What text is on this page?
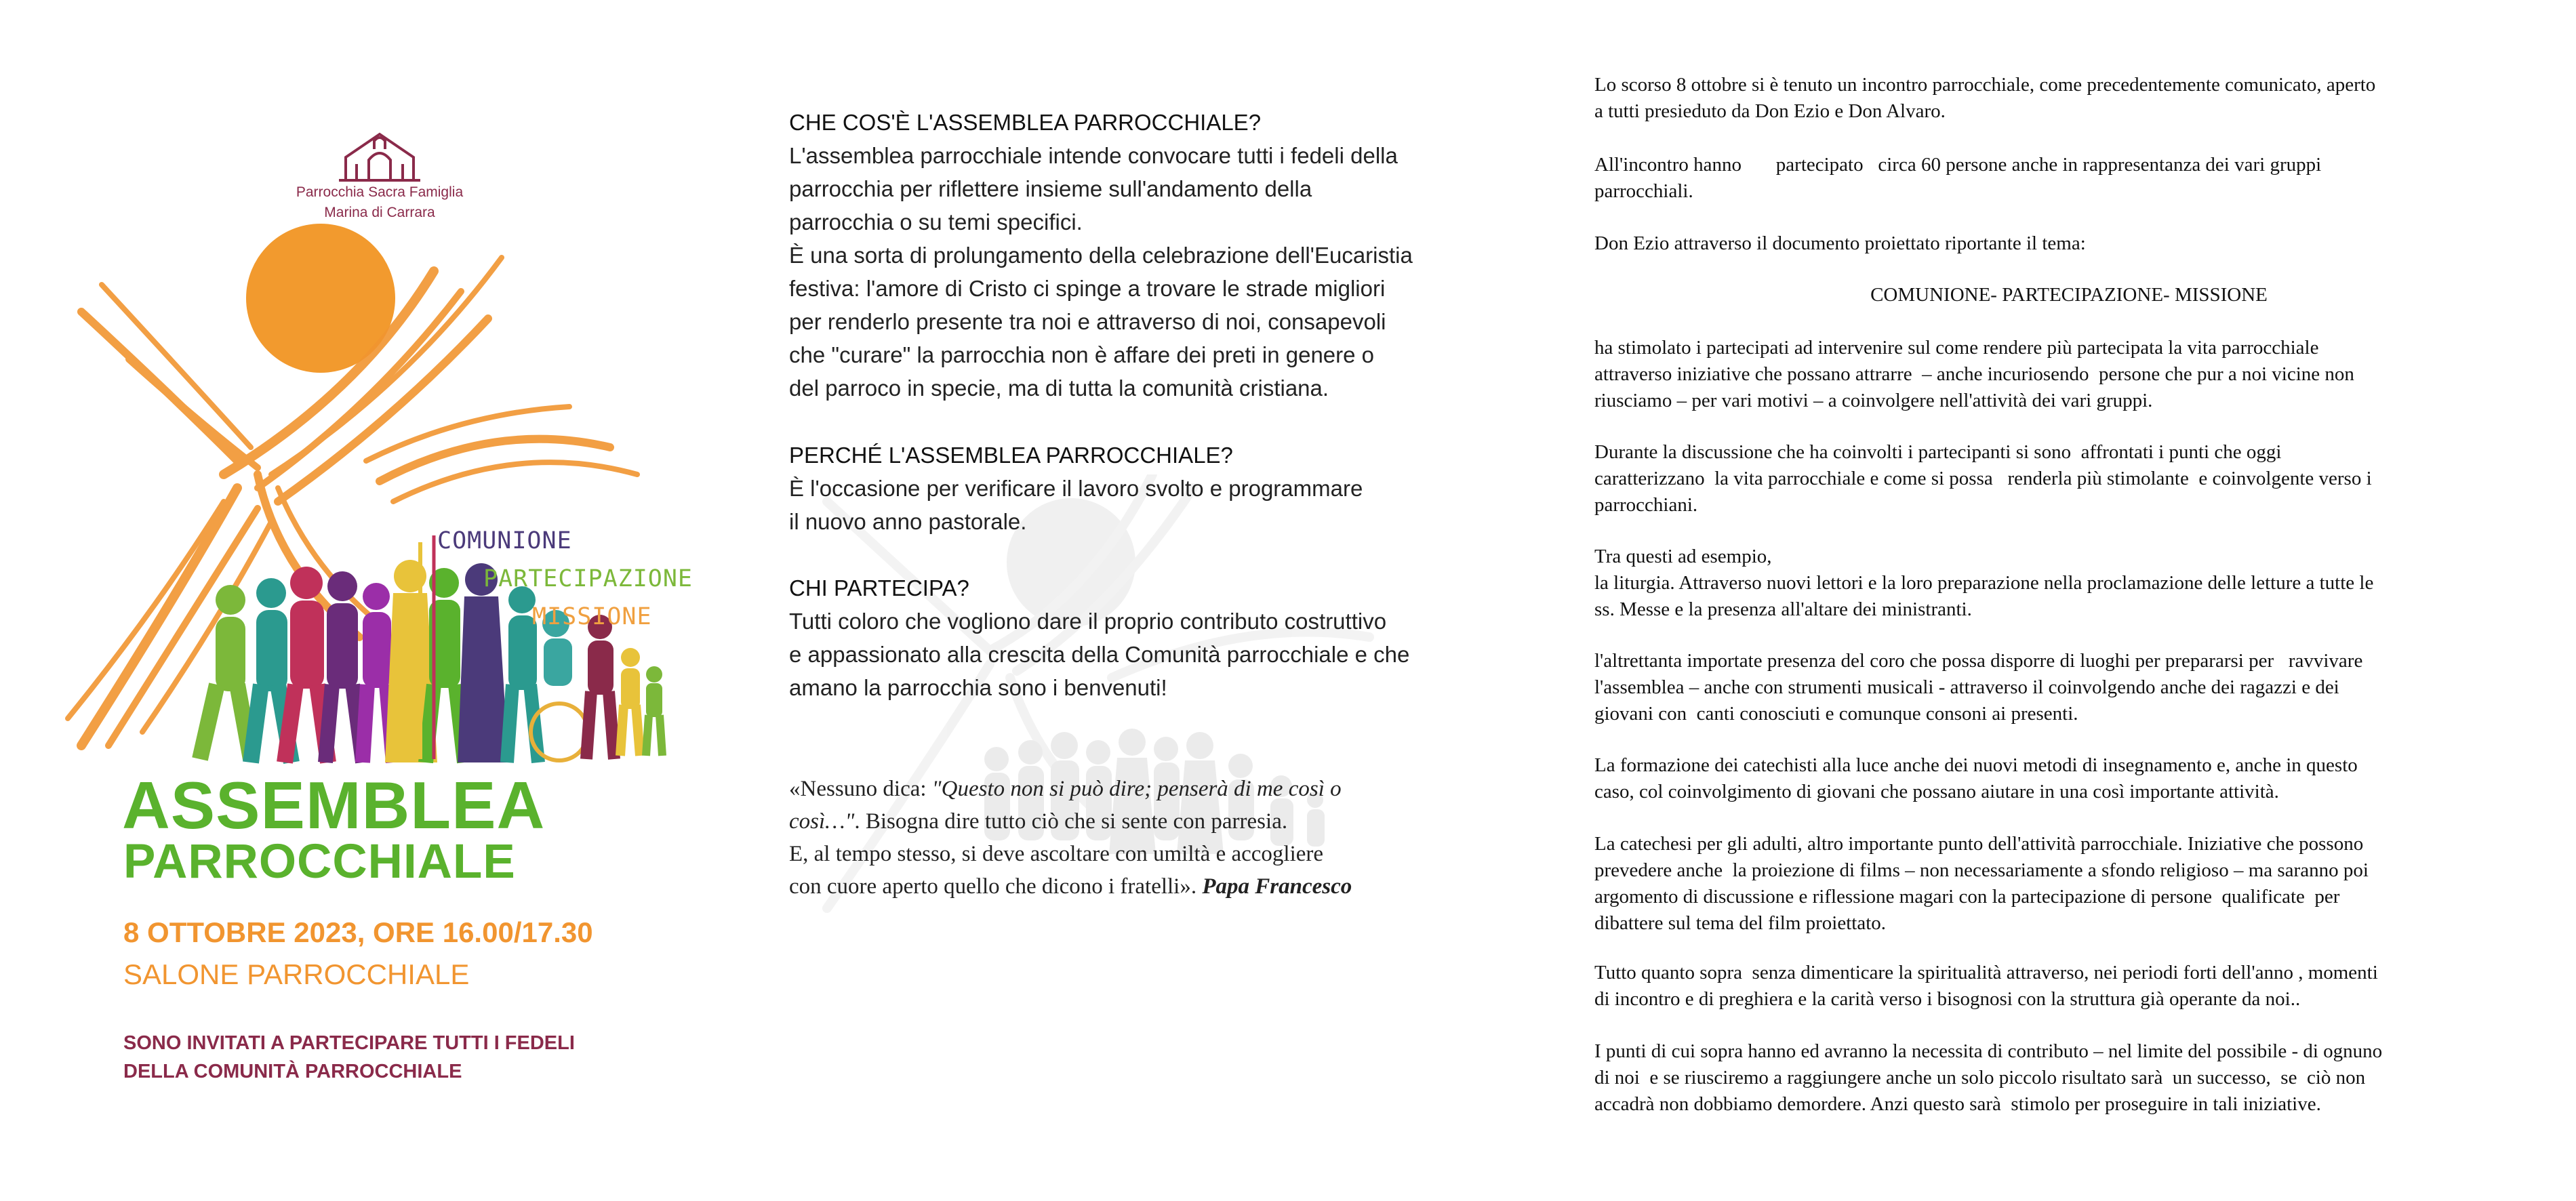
Parrocchia Sacra Famiglia
Marina di Carrara
COMUNIONE
PARTECIPAZIONE
MISSIONE
ASSEMBLEA
PARROCCHIALE
8 OTTOBRE 2023, ORE 16.00/17.30
SALONE PARROCCHIALE
SONO INVITATI A PARTECIPARE TUTTI I FEDELI
DELLA COMUNITÀ PARROCCHIALE
CHE COS'È L'ASSEMBLEA PARROCCHIALE?
L'assemblea parrocchiale intende convocare tutti i fedeli della
parrocchia per riflettere insieme sull'andamento della
parrocchia o su temi specifici.
È una sorta di prolungamento della celebrazione dell'Eucaristia
festiva: l'amore di Cristo ci spinge a trovare le strade migliori
per renderlo presente tra noi e attraverso di noi, consapevoli
che "curare" la parrocchia non è affare dei preti in genere o
del parroco in specie, ma di tutta la comunità cristiana.
PERCHÉ L'ASSEMBLEA PARROCCHIALE?
È l'occasione per verificare il lavoro svolto e programmare
il nuovo anno pastorale.
CHI PARTECIPA?
Tutti coloro che vogliono dare il proprio contributo costruttivo
e appassionato alla crescita della Comunità parrocchiale e che
amano la parrocchia sono i benvenuti!
«Nessuno dica: "Questo non si può dire; penserà di me così o
così…". Bisogna dire tutto ciò che si sente con parresia.
E, al tempo stesso, si deve ascoltare con umiltà e accogliere
con cuore aperto quello che dicono i fratelli». Papa Francesco

Lo scorso 8 ottobre si è tenuto un incontro parrocchiale, come precedentemente comunicato, aperto

a tutti presieduto da Don Ezio e Don Alvaro.

All'incontro hanno       partecipato   circa 60 persone anche in rappresentanza dei vari gruppi

parrocchiali.

Don Ezio attraverso il documento proiettato riportante il tema:

COMUNIONE- PARTECIPAZIONE- MISSIONE

ha stimolato i partecipati ad intervenire sul come rendere più partecipata la vita parrocchiale

attraverso iniziative che possano attrarre  – anche incuriosendo  persone che pur a noi vicine non

riusciamo – per vari motivi – a coinvolgere nell'attività dei vari gruppi.

Durante la discussione che ha coinvolti i partecipanti si sono  affrontati i punti che oggi

caratterizzano  la vita parrocchiale e come si possa   renderla più stimolante  e coinvolgente verso i

parrocchiani.

Tra questi ad esempio,

la liturgia. Attraverso nuovi lettori e la loro preparazione nella proclamazione delle letture a tutte le

ss. Messe e la presenza all'altare dei ministranti.

l'altrettanta importate presenza del coro che possa disporre di luoghi per prepararsi per   ravvivare

l'assemblea – anche con strumenti musicali - attraverso il coinvolgendo anche dei ragazzi e dei

giovani con  canti conosciuti e comunque consoni ai presenti.

La formazione dei catechisti alla luce anche dei nuovi metodi di insegnamento e, anche in questo

caso, col coinvolgimento di giovani che possano aiutare in una così importante attività.

La catechesi per gli adulti, altro importante punto dell'attività parrocchiale. Iniziative che possono

prevedere anche  la proiezione di films – non necessariamente a sfondo religioso – ma saranno poi

argomento di discussione e riflessione magari con la partecipazione di persone  qualificate  per

dibattere sul tema del film proiettato.

Tutto quanto sopra  senza dimenticare la spiritualità attraverso, nei periodi forti dell'anno , momenti

di incontro e di preghiera e la carità verso i bisognosi con la struttura già operante da noi..

I punti di cui sopra hanno ed avranno la necessita di contributo – nel limite del possibile - di ognuno

di noi  e se riusciremo a raggiungere anche un solo piccolo risultato sarà  un successo,  se  ciò non

accadrà non dobbiamo demordere. Anzi questo sarà  stimolo per proseguire in tali iniziative.
